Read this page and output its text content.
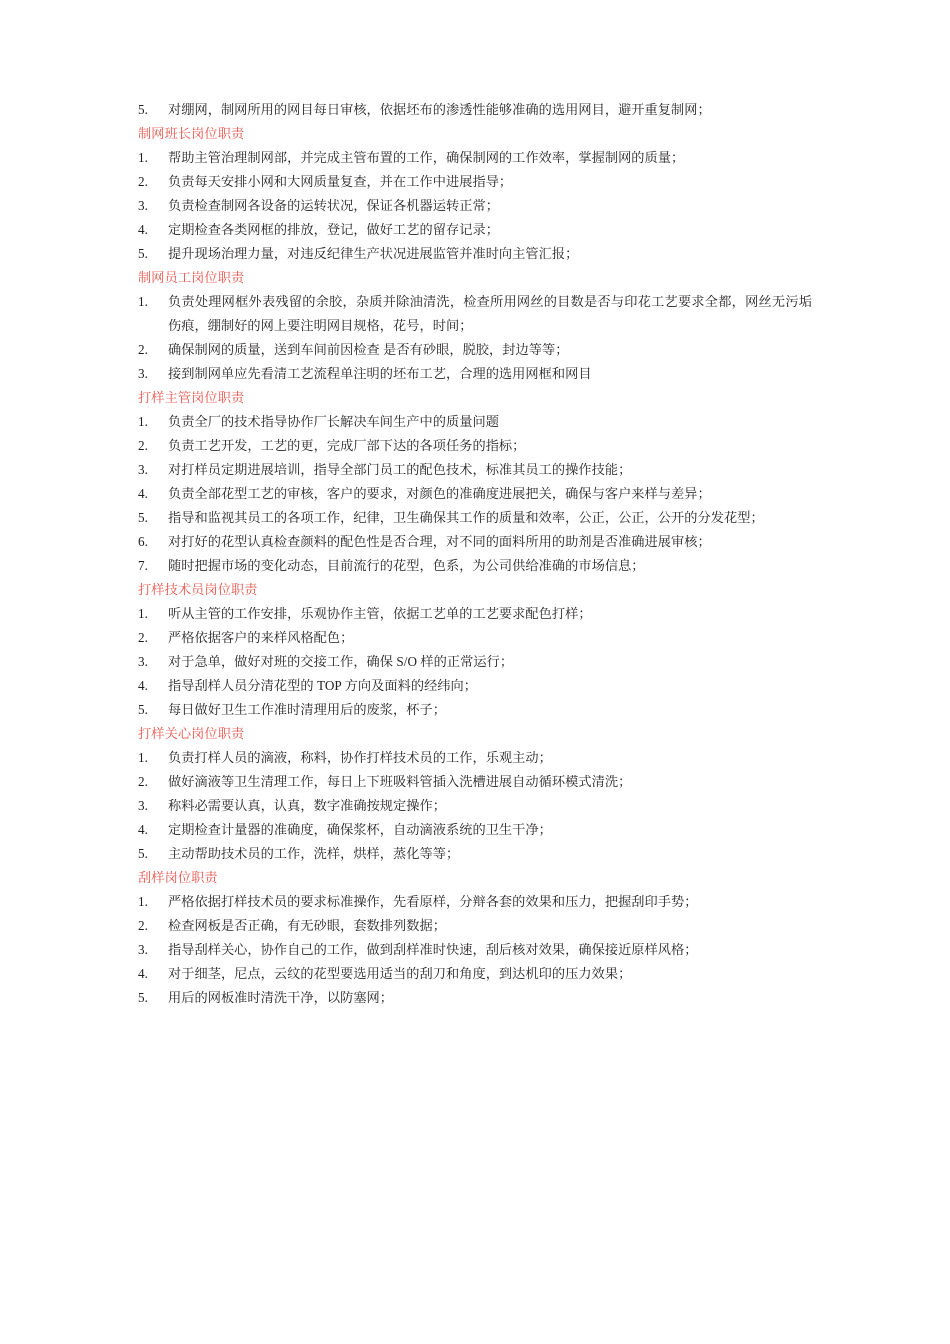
对绷网，制网所用的网目每日审核，依据坯布的渗透性能够准确的选用网目，避开重复制网；
制网班长岗位职责
帮助主管治理制网部，并完成主管布置的工作，确保制网的工作效率，掌握制网的质量；
负责每天安排小网和大网质量复查，并在工作中进展指导；
负责检查制网各设备的运转状况，保证各机器运转正常；
定期检查各类网框的排放，登记，做好工艺的留存记录；
提升现场治理力量，对违反纪律生产状况进展监管并准时向主管汇报；
制网员工岗位职责
负责处理网框外表残留的余胶，杂质并除油清洗，检查所用网丝的目数是否与印花工艺要求全都，网丝无污垢伤痕，绷制好的网上要注明网目规格，花号，时间；
确保制网的质量，送到车间前因检查 是否有砂眼，脱胶，封边等等；
接到制网单应先看清工艺流程单注明的坯布工艺，合理的选用网框和网目
打样主管岗位职责
负责全厂的技术指导协作厂长解决车间生产中的质量问题
负责工艺开发，工艺的更，完成厂部下达的各项任务的指标；
对打样员定期进展培训，指导全部门员工的配色技术，标准其员工的操作技能；
负责全部花型工艺的审核，客户的要求，对颜色的准确度进展把关，确保与客户来样与差异；
指导和监视其员工的各项工作，纪律，卫生确保其工作的质量和效率，公正，公正，公开的分发花型；
对打好的花型认真检查颜料的配色性是否合理，对不同的面料所用的助剂是否准确进展审核；
随时把握市场的变化动态，目前流行的花型，色系，为公司供给准确的市场信息；
打样技术员岗位职责
听从主管的工作安排，乐观协作主管，依据工艺单的工艺要求配色打样；
严格依据客户的来样风格配色；
对于急单，做好对班的交接工作，确保 S/O 样的正常运行；
指导刮样人员分清花型的 TOP 方向及面料的经纬向；
每日做好卫生工作准时清理用后的废浆，杯子；
打样关心岗位职责
负责打样人员的滴液，称料，协作打样技术员的工作，乐观主动；
做好滴液等卫生清理工作，每日上下班吸料管插入洗槽进展自动循环模式清洗；
称料必需要认真，认真，数字准确按规定操作；
定期检查计量器的准确度，确保浆杯，自动滴液系统的卫生干净；
主动帮助技术员的工作，洗样，烘样，蒸化等等；
刮样岗位职责
严格依据打样技术员的要求标准操作，先看原样，分辩各套的效果和压力，把握刮印手势；
检查网板是否正确，有无砂眼，套数排列数据；
指导刮样关心，协作自己的工作，做到刮样准时快速，刮后核对效果，确保接近原样风格；
对于细茎，尼点，云纹的花型要选用适当的刮刀和角度，到达机印的压力效果；
用后的网板准时清洗干净，以防塞网；
